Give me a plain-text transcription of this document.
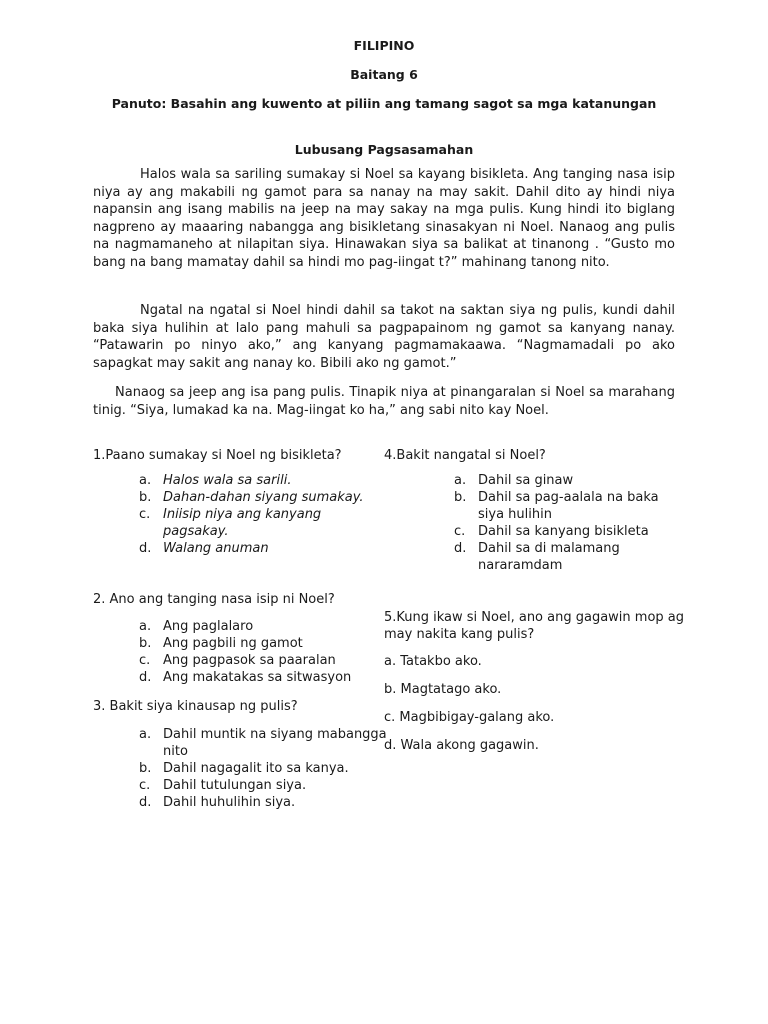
FILIPINO
Baitang 6
Panuto: Basahin ang kuwento at piliin ang tamang sagot sa mga katanungan
Lubusang Pagsasamahan

Halos wala sa sariling sumakay si Noel sa kayang bisikleta. Ang tanging nasa isip niya ay ang makabili ng gamot para sa nanay na may sakit. Dahil dito ay hindi niya napansin ang isang mabilis na jeep na may sakay na mga pulis. Kung hindi ito biglang nagpreno ay maaaring nabangga ang bisikletang sinasakyan ni Noel. Nanaog ang pulis na nagmamaneho at nilapitan siya. Hinawakan siya sa balikat at tinanong . “Gusto mo bang na bang mamatay dahil sa hindi mo pag-iingat t?” mahinang tanong nito.

Ngatal na ngatal si Noel hindi dahil sa takot na saktan siya ng pulis, kundi dahil baka siya hulihin at lalo pang mahuli sa pagpapainom ng gamot sa kanyang nanay. “Patawarin po ninyo ako,” ang kanyang pagmamakaawa. “Nagmamadali po ako sapagkat may sakit ang nanay ko. Bibili ako ng gamot.”

Nanaog sa jeep ang isa pang pulis. Tinapik niya at pinangaralan si Noel sa marahang tinig. “Siya, lumakad ka na. Mag-iingat ko ha,” ang sabi nito kay Noel.

1.Paano sumakay si Noel ng bisikleta?

a. Halos wala sa sarili.
b. Dahan-dahan siyang sumakay.
c. Iniisip niya ang kanyang pagsakay.
d. Walang anuman

4.Bakit nangatal si Noel?

a. Dahil sa ginaw
b. Dahil sa pag-aalala na baka siya hulihin
c. Dahil sa kanyang bisikleta
d. Dahil sa di malamang nararamdam

2. Ano ang tanging nasa isip ni Noel?

a. Ang paglalaro
b. Ang pagbili ng gamot
c. Ang pagpasok sa paaralan
d. Ang makatakas sa sitwasyon

3. Bakit siya kinausap ng pulis?

a. Dahil muntik na siyang mabangga nito
b. Dahil nagagalit ito sa kanya.
c. Dahil tutulungan siya.
d. Dahil huhulihin siya.

5.Kung ikaw si Noel, ano ang gagawin mop ag may nakita kang pulis?

a. Tatakbo ako.

b. Magtatago ako.

c. Magbibigay-galang ako.

d. Wala akong gagawin.
